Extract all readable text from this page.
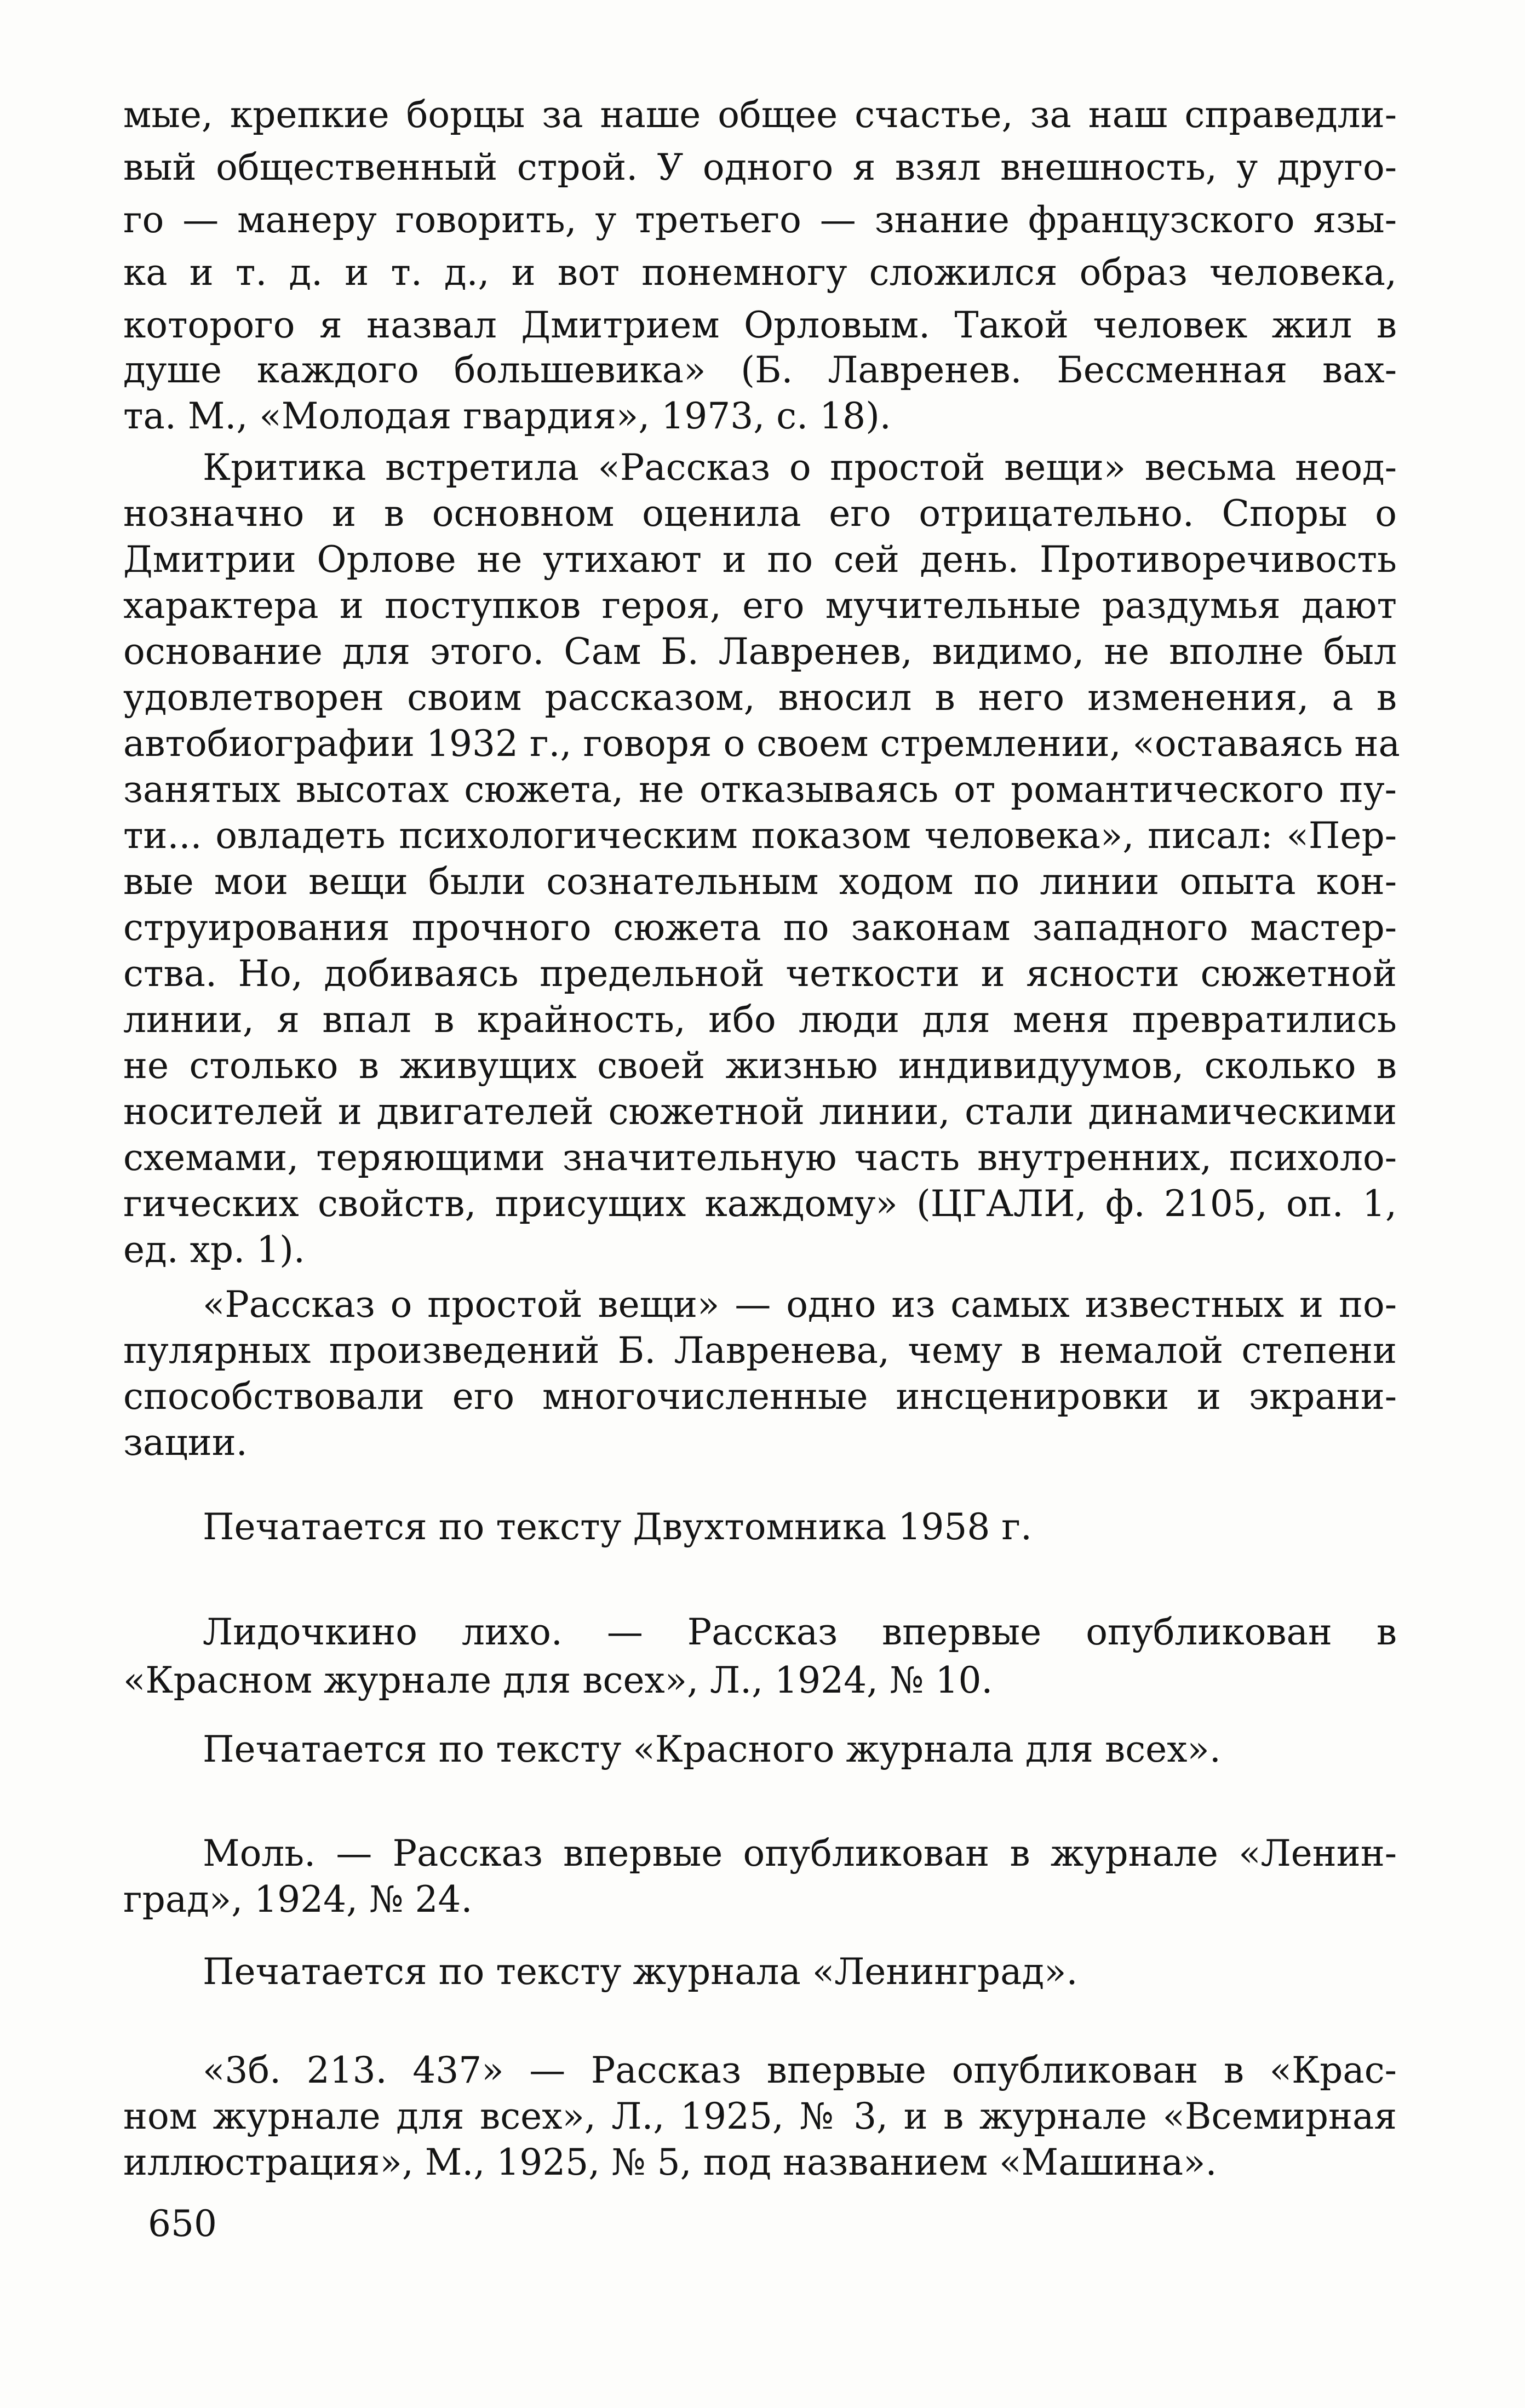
мые, крепкие борцы за наше общее счастье, за наш справедли-
вый общественный строй. У одного я взял внешность, у друго-
го — манеру говорить, у третьего — знание французского язы-
ка и т. д. и т. д., и вот понемногу сложился образ человека,
которого я назвал Дмитрием Орловым. Такой человек жил в
душе каждого большевика» (Б. Лавренев. Бессменная вах-
та. М., «Молодая гвардия», 1973, с. 18).
Критика встретила «Рассказ о простой вещи» весьма неод-
нозначно и в основном оценила его отрицательно. Споры о
Дмитрии Орлове не утихают и по сей день. Противоречивость
характера и поступков героя, его мучительные раздумья дают
основание для этого. Сам Б. Лавренев, видимо, не вполне был
удовлетворен своим рассказом, вносил в него изменения, а в
автобиографии 1932 г., говоря о своем стремлении, «оставаясь на
занятых высотах сюжета, не отказываясь от романтического пу-
ти... овладеть психологическим показом человека», писал: «Пер-
вые мои вещи были сознательным ходом по линии опыта кон-
струирования прочного сюжета по законам западного мастер-
ства. Но, добиваясь предельной четкости и ясности сюжетной
линии, я впал в крайность, ибо люди для меня превратились
не столько в живущих своей жизнью индивидуумов, сколько в
носителей и двигателей сюжетной линии, стали динамическими
схемами, теряющими значительную часть внутренних, психоло-
гических свойств, присущих каждому» (ЦГАЛИ, ф. 2105, оп. 1,
ед. хр. 1).
«Рассказ о простой вещи» — одно из самых известных и по-
пулярных произведений Б. Лавренева, чему в немалой степени
способствовали его многочисленные инсценировки и экрани-
зации.
Печатается по тексту Двухтомника 1958 г.
Лидочкино лихо. — Рассказ впервые опубликован в
«Красном журнале для всех», Л., 1924, № 10.
Печатается по тексту «Красного журнала для всех».
Моль. — Рассказ впервые опубликован в журнале «Ленин-
град», 1924, № 24.
Печатается по тексту журнала «Ленинград».
«3б. 213. 437» — Рассказ впервые опубликован в «Крас-
ном журнале для всех», Л., 1925, № 3, и в журнале «Всемирная
иллюстрация», М., 1925, № 5, под названием «Машина».
650
